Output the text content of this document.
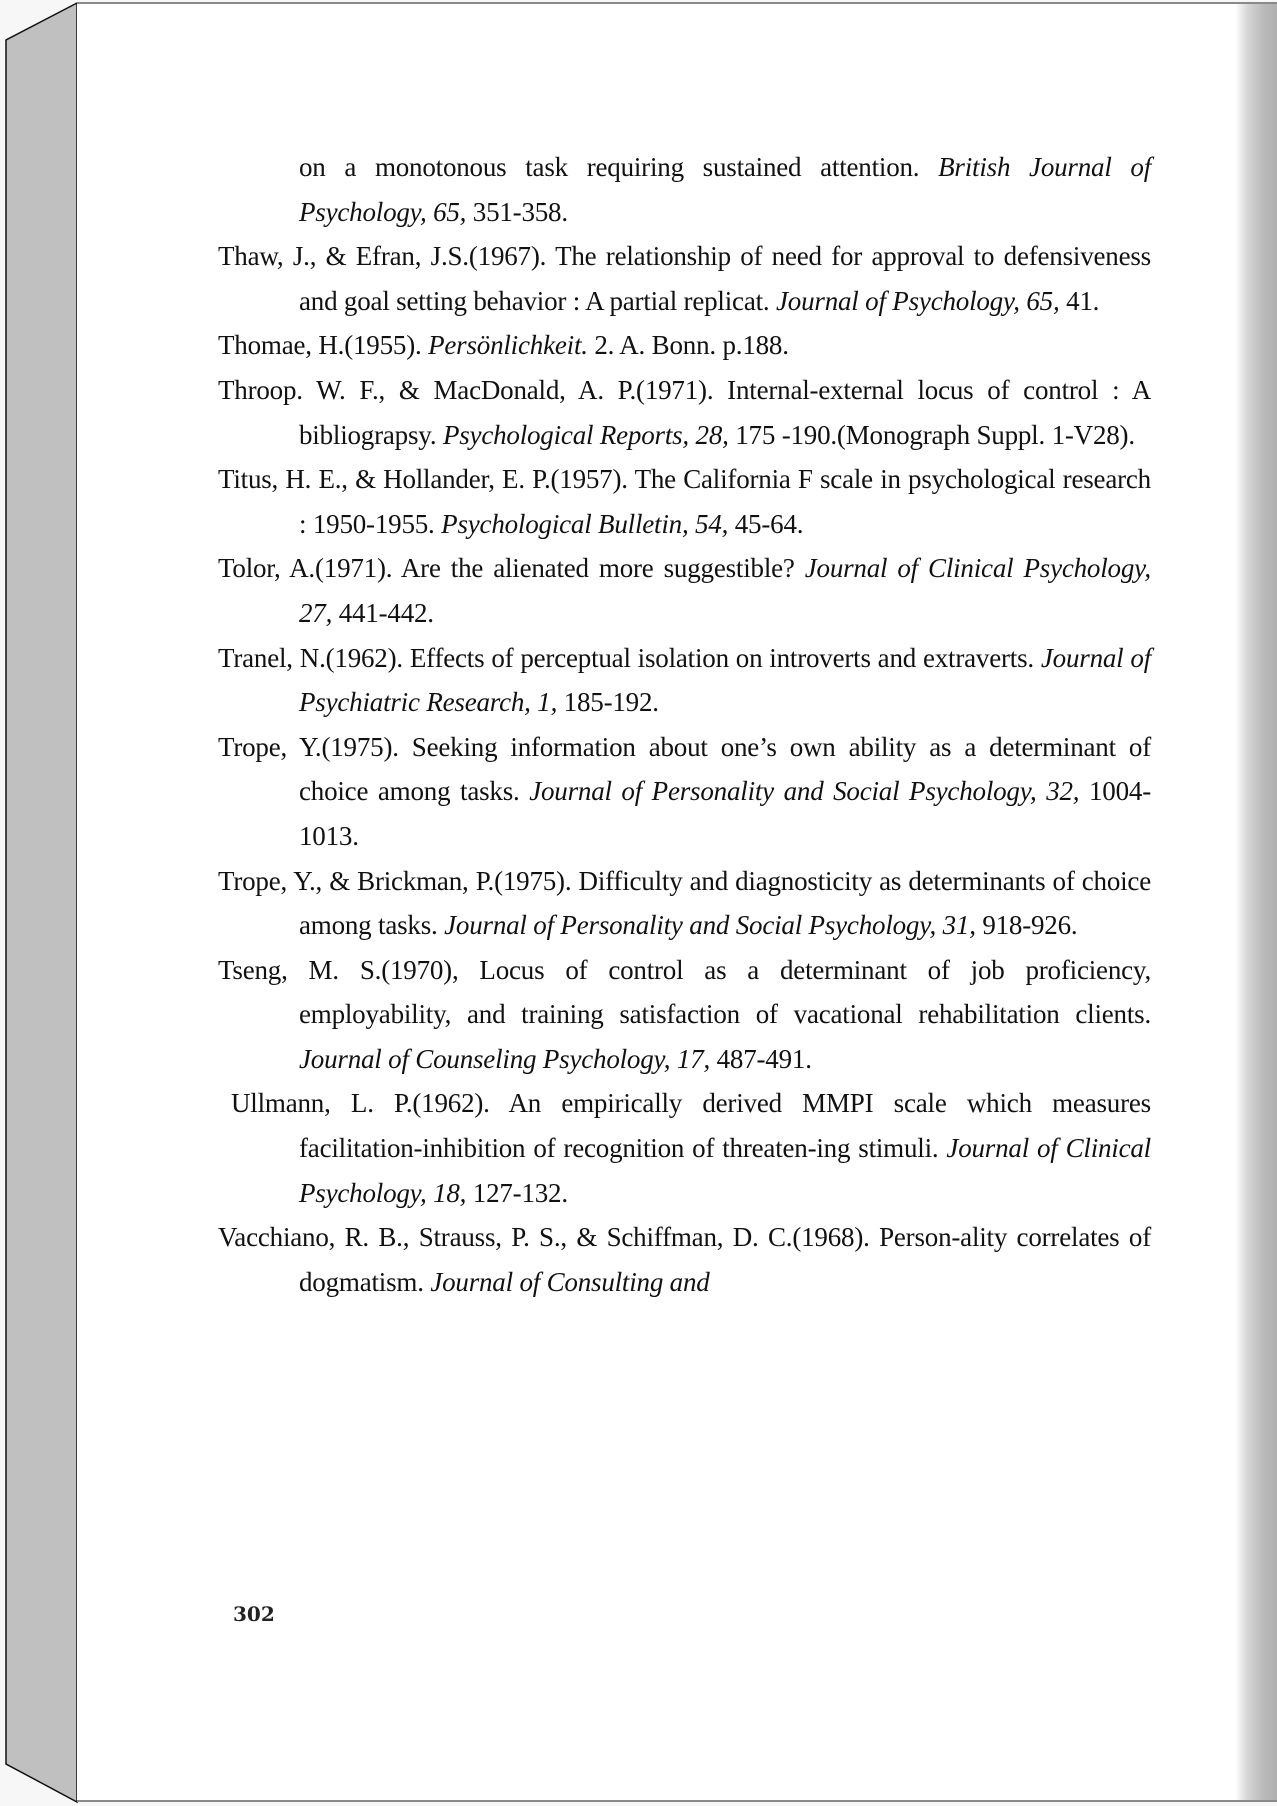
on a monotonous task requiring sustained attention. British Journal of Psychology, 65, 351-358.
Thaw, J., & Efran, J.S.(1967). The relationship of need for approval to defensiveness and goal setting behavior : A partial replicat. Journal of Psychology, 65, 41.
Thomae, H.(1955). Persönlichkeit. 2. A. Bonn. p.188.
Throop. W. F., & MacDonald, A. P.(1971). Internal-external locus of control : A bibliograpsy. Psychological Reports, 28, 175 -190.(Monograph Suppl. 1-V28).
Titus, H. E., & Hollander, E. P.(1957). The California F scale in psychological research : 1950-1955. Psychological Bulletin, 54, 45-64.
Tolor, A.(1971). Are the alienated more suggestible? Journal of Clinical Psychology, 27, 441-442.
Tranel, N.(1962). Effects of perceptual isolation on introverts and extraverts. Journal of Psychiatric Research, 1, 185-192.
Trope, Y.(1975). Seeking information about one’s own ability as a determinant of choice among tasks. Journal of Personality and Social Psychology, 32, 1004-1013.
Trope, Y., & Brickman, P.(1975). Difficulty and diagnosticity as determinants of choice among tasks. Journal of Personality and Social Psychology, 31, 918-926.
Tseng, M. S.(1970), Locus of control as a determinant of job proficiency, employability, and training satisfaction of vacational rehabilitation clients. Journal of Counseling Psychology, 17, 487-491.
Ullmann, L. P.(1962). An empirically derived MMPI scale which measures facilitation-inhibition of recognition of threaten-ing stimuli. Journal of Clinical Psychology, 18, 127-132.
Vacchiano, R. B., Strauss, P. S., & Schiffman, D. C.(1968). Person-ality correlates of dogmatism. Journal of Consulting and
302
